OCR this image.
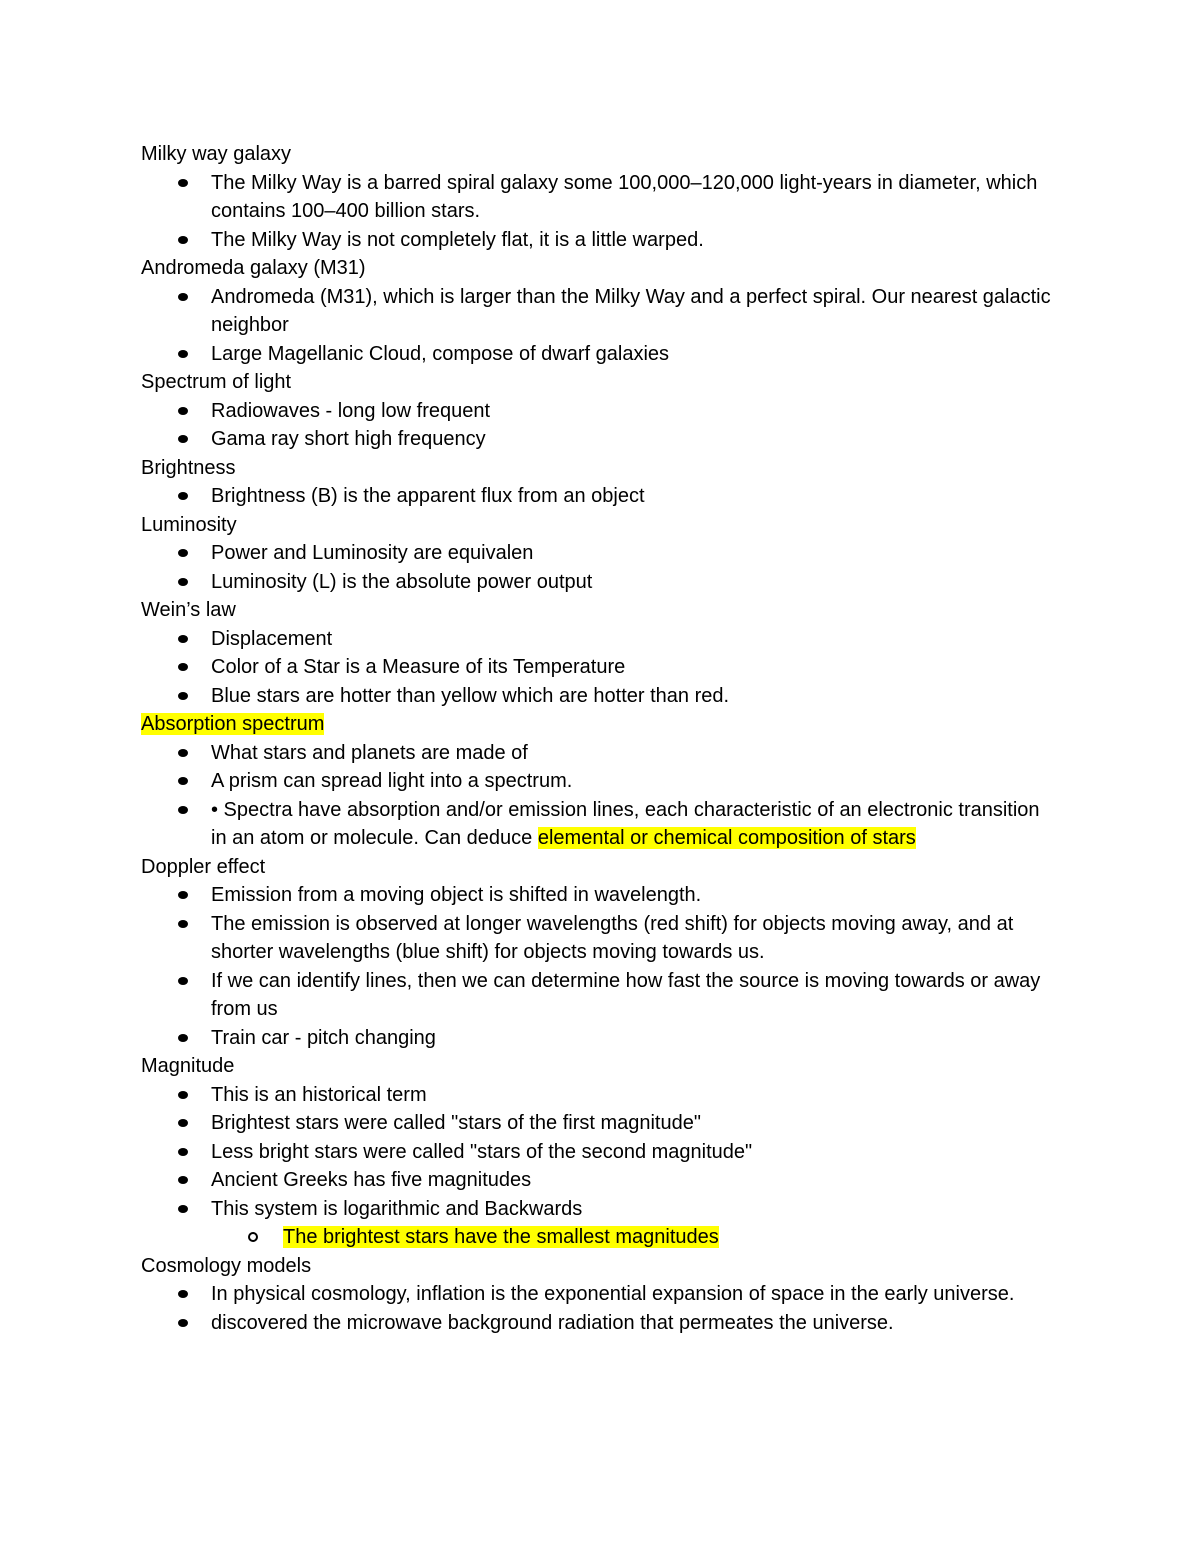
Milky way galaxy
The Milky Way is a barred spiral galaxy some 100,000–120,000 light-years in diameter, which contains 100–400 billion stars.
The Milky Way is not completely flat, it is a little warped.
Andromeda galaxy (M31)
Andromeda (M31), which is larger than the Milky Way and a perfect spiral. Our nearest galactic neighbor
Large Magellanic Cloud, compose of dwarf galaxies
Spectrum of light
Radiowaves - long low frequent
Gama ray short high frequency
Brightness
Brightness (B) is the apparent flux from an object
Luminosity
Power and Luminosity are equivalen
Luminosity (L) is the absolute power output
Wein’s law
Displacement
Color of a Star is a Measure of its Temperature
Blue stars are hotter than yellow which are hotter than red.
Absorption spectrum
What stars and planets are made of
A prism can spread light into a spectrum.
• Spectra have absorption and/or emission lines, each characteristic of an electronic transition in an atom or molecule. Can deduce elemental or chemical composition of stars
Doppler effect
Emission from a moving object is shifted in wavelength.
The emission is observed at longer wavelengths (red shift) for objects moving away, and at shorter wavelengths (blue shift) for objects moving towards us.
If we can identify lines, then we can determine how fast the source is moving towards or away from us
Train car - pitch changing
Magnitude
This is an historical term
Brightest stars were called "stars of the first magnitude"
Less bright stars were called "stars of the second magnitude"
Ancient Greeks has five magnitudes
This system is logarithmic and Backwards
The brightest stars have the smallest magnitudes
Cosmology models
In physical cosmology, inflation is the exponential expansion of space in the early universe.
discovered the microwave background radiation that permeates the universe.
